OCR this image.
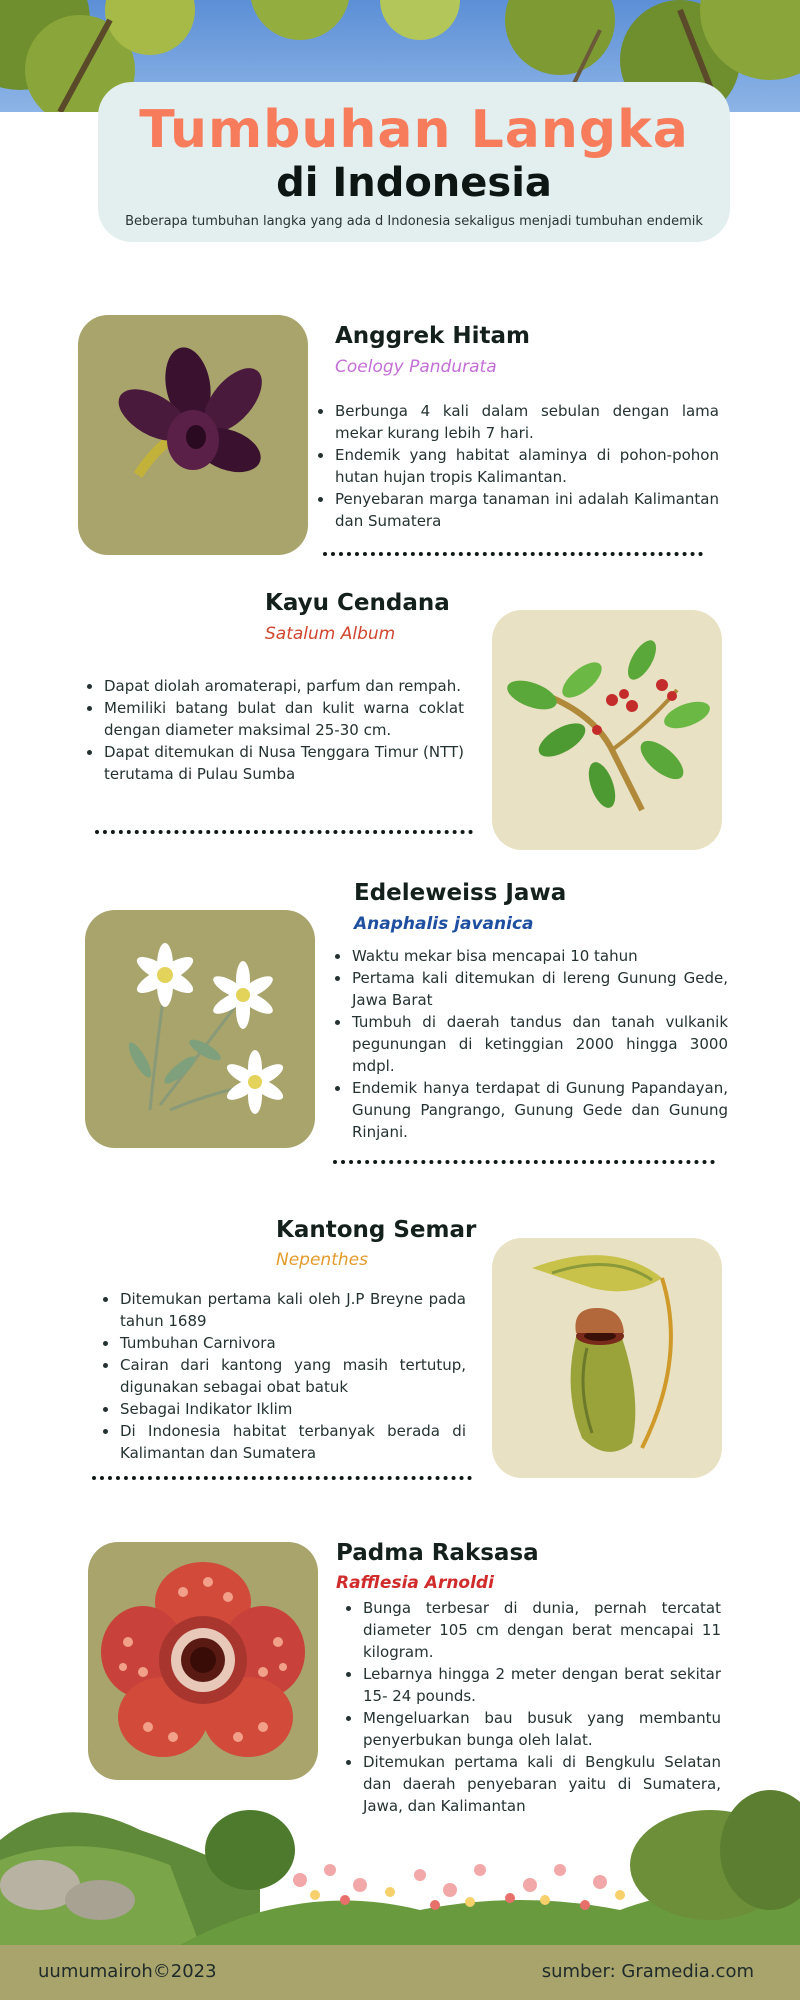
Tumbuhan Langka
di Indonesia
Beberapa tumbuhan langka yang ada d Indonesia sekaligus menjadi tumbuhan endemik
Anggrek Hitam
Coelogy Pandurata
Berbunga 4 kali dalam sebulan dengan lama mekar kurang lebih 7 hari.
Endemik yang habitat alaminya di pohon-pohon hutan hujan tropis Kalimantan.
Penyebaran marga tanaman ini adalah Kalimantan dan Sumatera
Kayu Cendana
Satalum Album
Dapat diolah aromaterapi, parfum dan rempah.
Memiliki batang bulat dan kulit warna coklat dengan diameter maksimal 25-30 cm.
Dapat ditemukan di Nusa Tenggara Timur (NTT) terutama di Pulau Sumba
Edeleweiss Jawa
Anaphalis javanica
Waktu mekar bisa mencapai 10 tahun
Pertama kali ditemukan di lereng Gunung Gede, Jawa Barat
Tumbuh di daerah tandus dan tanah vulkanik pegunungan di ketinggian 2000 hingga 3000 mdpl.
Endemik hanya terdapat di Gunung Papandayan, Gunung Pangrango, Gunung Gede dan Gunung Rinjani.
Kantong Semar
Nepenthes
Ditemukan pertama kali oleh J.P Breyne pada tahun 1689
Tumbuhan Carnivora
Cairan dari kantong yang masih tertutup, digunakan sebagai obat batuk
Sebagai Indikator Iklim
Di Indonesia habitat terbanyak berada di Kalimantan dan Sumatera
Padma Raksasa
Rafflesia Arnoldi
Bunga terbesar di dunia, pernah tercatat diameter 105 cm dengan berat mencapai 11 kilogram.
Lebarnya hingga 2 meter dengan berat sekitar 15- 24 pounds.
Mengeluarkan bau busuk yang membantu penyerbukan bunga oleh lalat.
Ditemukan pertama kali di Bengkulu Selatan dan daerah penyebaran yaitu di Sumatera, Jawa, dan Kalimantan
uumumairoh©2023	sumber: Gramedia.com
